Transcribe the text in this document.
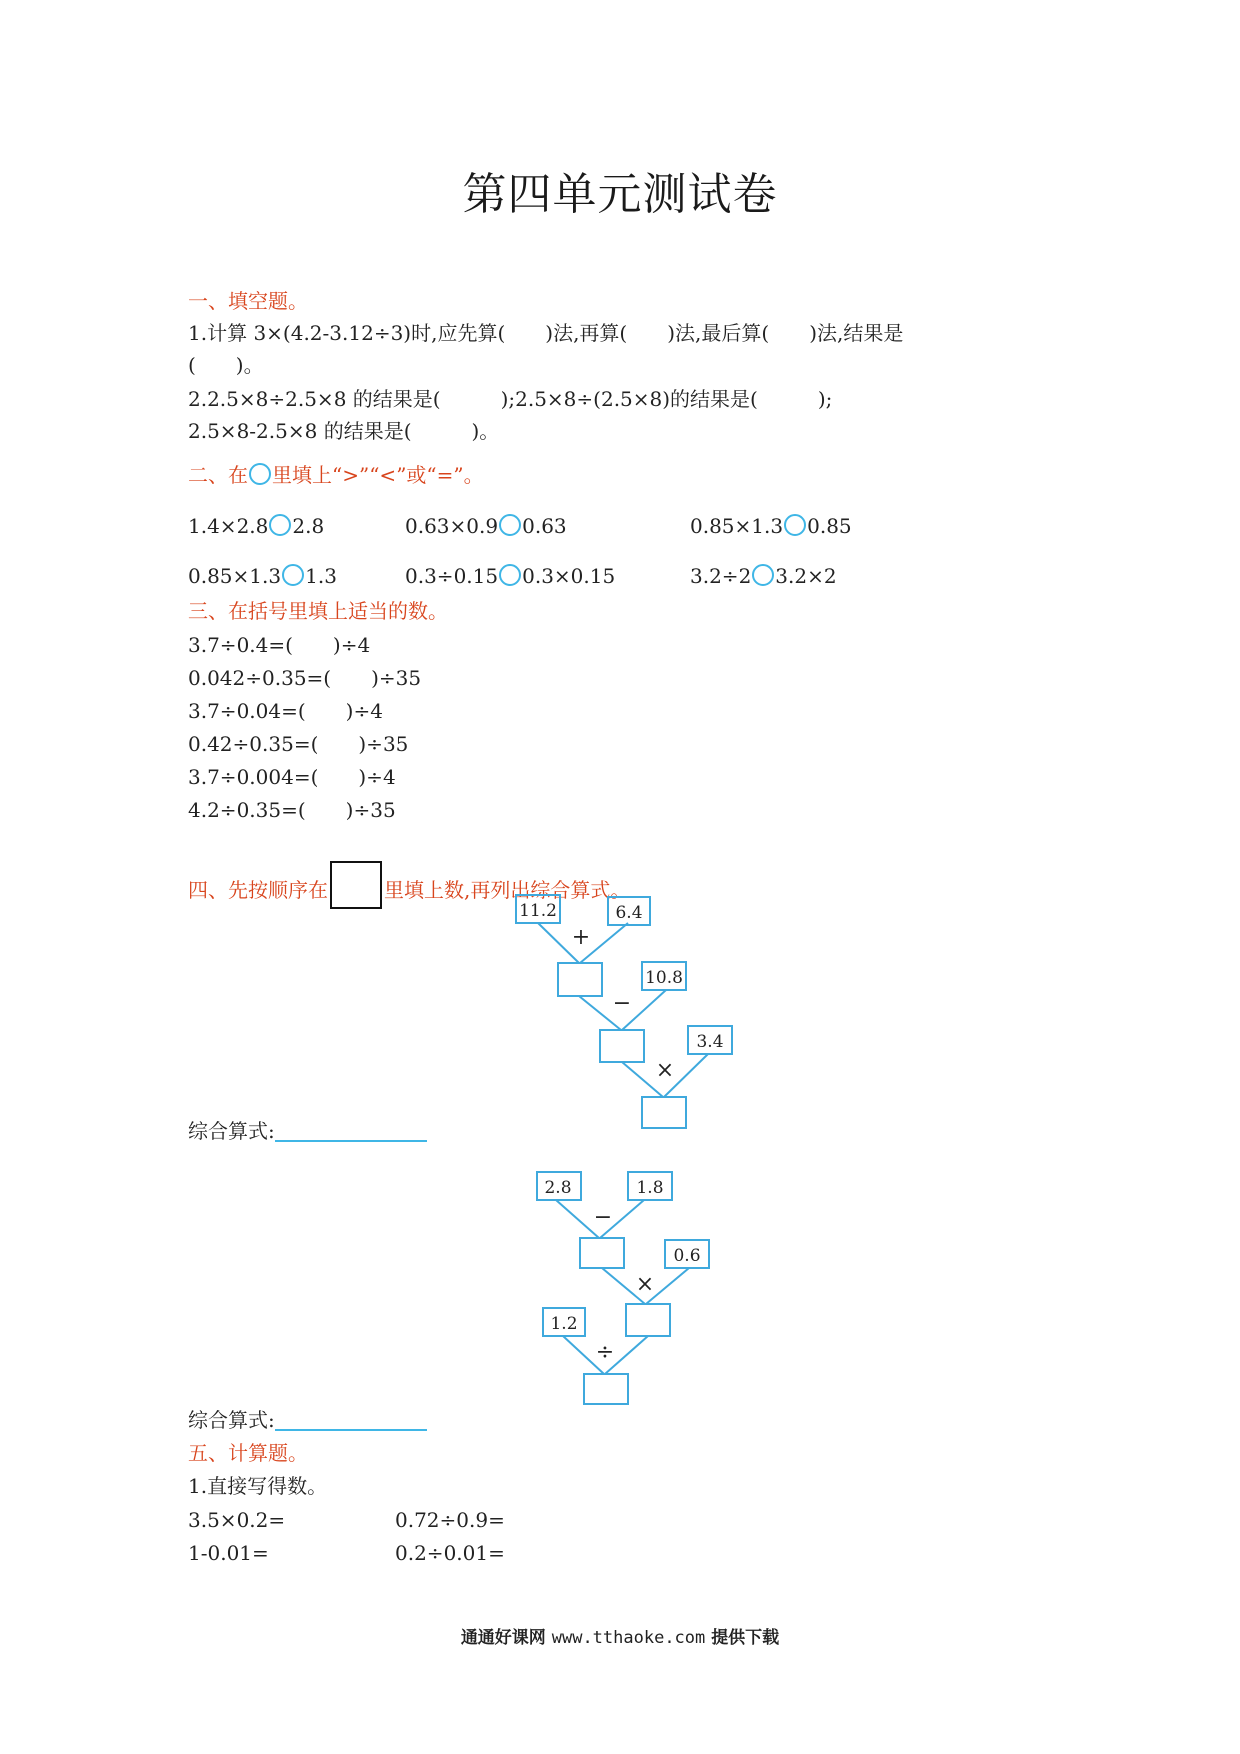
第四单元测试卷
一、填空题。
1.计算 3×(4.2-3.12÷3)时,应先算(　　)法,再算(　　)法,最后算(　　)法,结果是
(　　)。
2.2.5×8÷2.5×8 的结果是(　　　);2.5×8÷(2.5×8)的结果是(　　　);
2.5×8-2.5×8 的结果是(　　　)。
二、在 里填上“>”“<”或“=”。
1.4×2.8 2.8	0.63×0.9 0.63	0.85×1.3 0.85
0.85×1.3 1.3	0.3÷0.15 0.3×0.15	3.2÷2 3.2×2
三、在括号里填上适当的数。
3.7÷0.4=(　　)÷4
0.042÷0.35=(　　)÷35
3.7÷0.04=(　　)÷4
0.42÷0.35=(　　)÷35
3.7÷0.004=(　　)÷4
4.2÷0.35=(　　)÷35
四、先按顺序在	里填上数,再列出综合算式。
11.2	6.4
10.8
3.4
+
−
×
2.8	1.8
0.6
1.2
−
×
÷
综合算式:
综合算式:
五、计算题。
1.直接写得数。
3.5×0.2=	0.72÷0.9=
1-0.01=	0.2÷0.01=
通通好课网 www.tthaoke.com 提供下载
